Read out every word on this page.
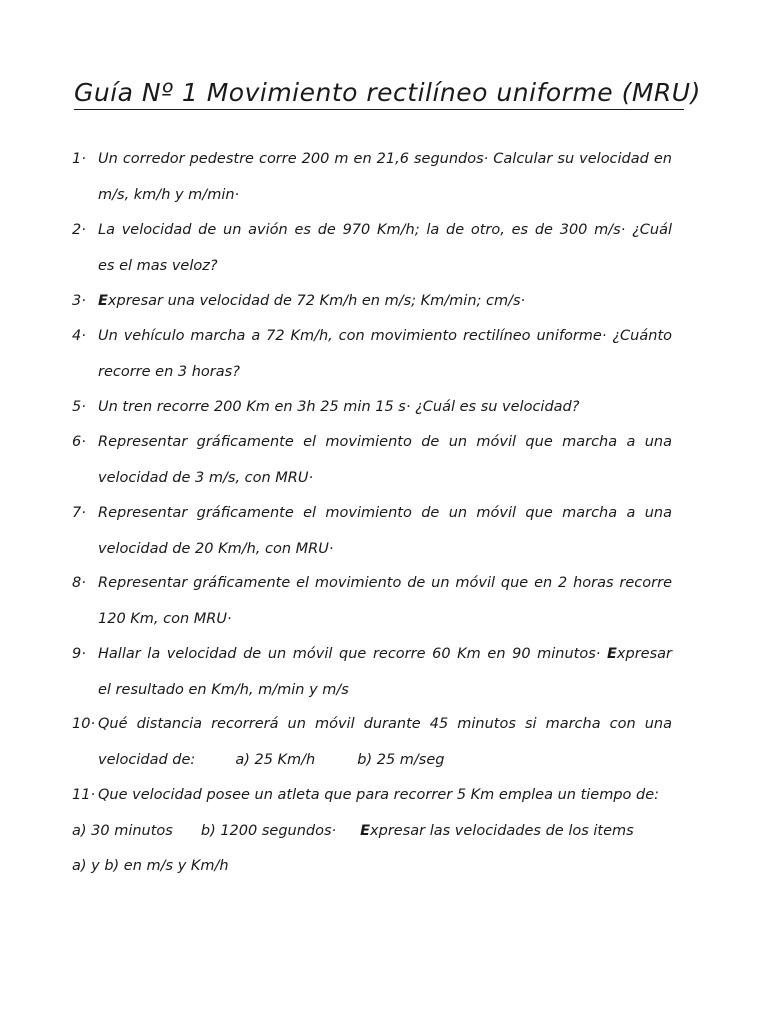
Guía Nº 1 Movimiento rectilíneo uniforme (MRU)
1· Un corredor pedestre corre 200 m en 21,6 segundos· Calcular su velocidad en
m/s, km/h y m/min·
2· La velocidad de un avión es de 970 Km/h; la de otro, es de 300 m/s· ¿Cuál
es el mas veloz?
3· Expresar una velocidad de 72 Km/h en m/s; Km/min; cm/s·
4· Un vehículo marcha a 72 Km/h, con movimiento rectilíneo uniforme· ¿Cuánto
recorre en 3 horas?
5· Un tren recorre 200 Km en 3h 25 min 15 s· ¿Cuál es su velocidad?
6· Representar gráficamente el movimiento de un móvil que marcha a una
velocidad de 3 m/s, con MRU·
7· Representar gráficamente el movimiento de un móvil que marcha a una
velocidad de 20 Km/h, con MRU·
8· Representar gráficamente el movimiento de un móvil que en 2 horas recorre
120 Km, con MRU·
9· Hallar la velocidad de un móvil que recorre 60 Km en 90 minutos· Expresar
el resultado en Km/h, m/min y m/s
10· Qué distancia recorrerá un móvil durante 45 minutos si marcha con una
velocidad de:	a) 25 Km/h	b) 25 m/seg
11· Que velocidad posee un atleta que para recorrer 5 Km emplea un tiempo de:
a) 30 minutos b) 1200 segundos· Expresar las velocidades de los items
a) y b) en m/s y Km/h
